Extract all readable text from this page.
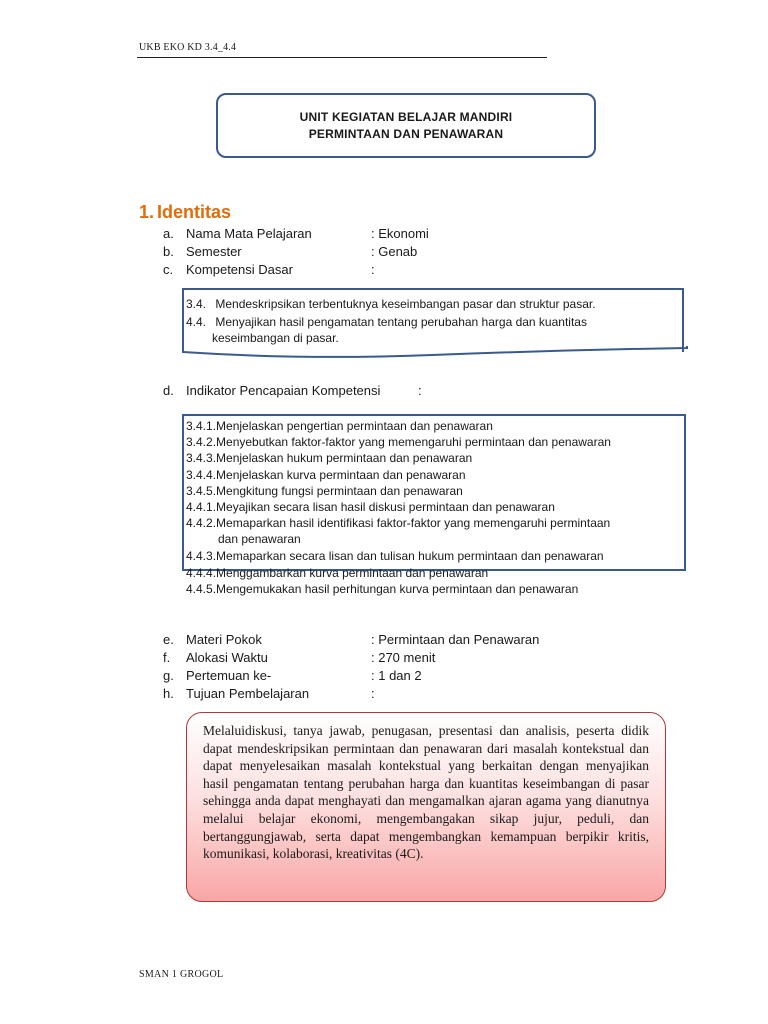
UKB EKO KD 3.4_4.4
UNIT KEGIATAN BELAJAR MANDIRI
PERMINTAAN DAN PENAWARAN
1. Identitas
a. Nama Mata Pelajaran	: Ekonomi
b. Semester	: Genab
c. Kompetensi Dasar	:
3.4. Mendeskripsikan terbentuknya keseimbangan pasar dan struktur pasar.
4.4. Menyajikan hasil pengamatan tentang perubahan harga dan kuantitas
keseimbangan di pasar.
d. Indikator Pencapaian Kompetensi	:
3.4.1.Menjelaskan pengertian permintaan dan penawaran
3.4.2.Menyebutkan faktor-faktor yang memengaruhi permintaan dan penawaran
3.4.3.Menjelaskan hukum permintaan dan penawaran
3.4.4.Menjelaskan kurva permintaan dan penawaran
3.4.5.Mengkitung fungsi permintaan dan penawaran
4.4.1.Meyajikan secara lisan hasil diskusi permintaan dan penawaran
4.4.2.Memaparkan hasil identifikasi faktor-faktor yang memengaruhi permintaan
dan penawaran
4.4.3.Memaparkan secara lisan dan tulisan hukum permintaan dan penawaran
4.4.4.Menggambarkan kurva permintaan dan penawaran
4.4.5.Mengemukakan hasil perhitungan kurva permintaan dan penawaran
e. Materi Pokok	: Permintaan dan Penawaran
f.	Alokasi Waktu	: 270 menit
g. Pertemuan ke-	: 1 dan 2
h. Tujuan Pembelajaran	:

Melaluidiskusi, tanya jawab, penugasan, presentasi dan analisis, peserta didik dapat mendeskripsikan permintaan dan penawaran dari masalah kontekstual dan dapat menyelesaikan masalah kontekstual yang berkaitan dengan menyajikan hasil pengamatan tentang perubahan harga dan kuantitas keseimbangan di pasar sehingga anda dapat menghayati dan mengamalkan ajaran agama yang dianutnya melalui belajar ekonomi, mengembangakan sikap jujur, peduli, dan bertanggungjawab, serta dapat mengembangkan kemampuan berpikir kritis, komunikasi, kolaborasi, kreativitas (4C).

SMAN 1 GROGOL
